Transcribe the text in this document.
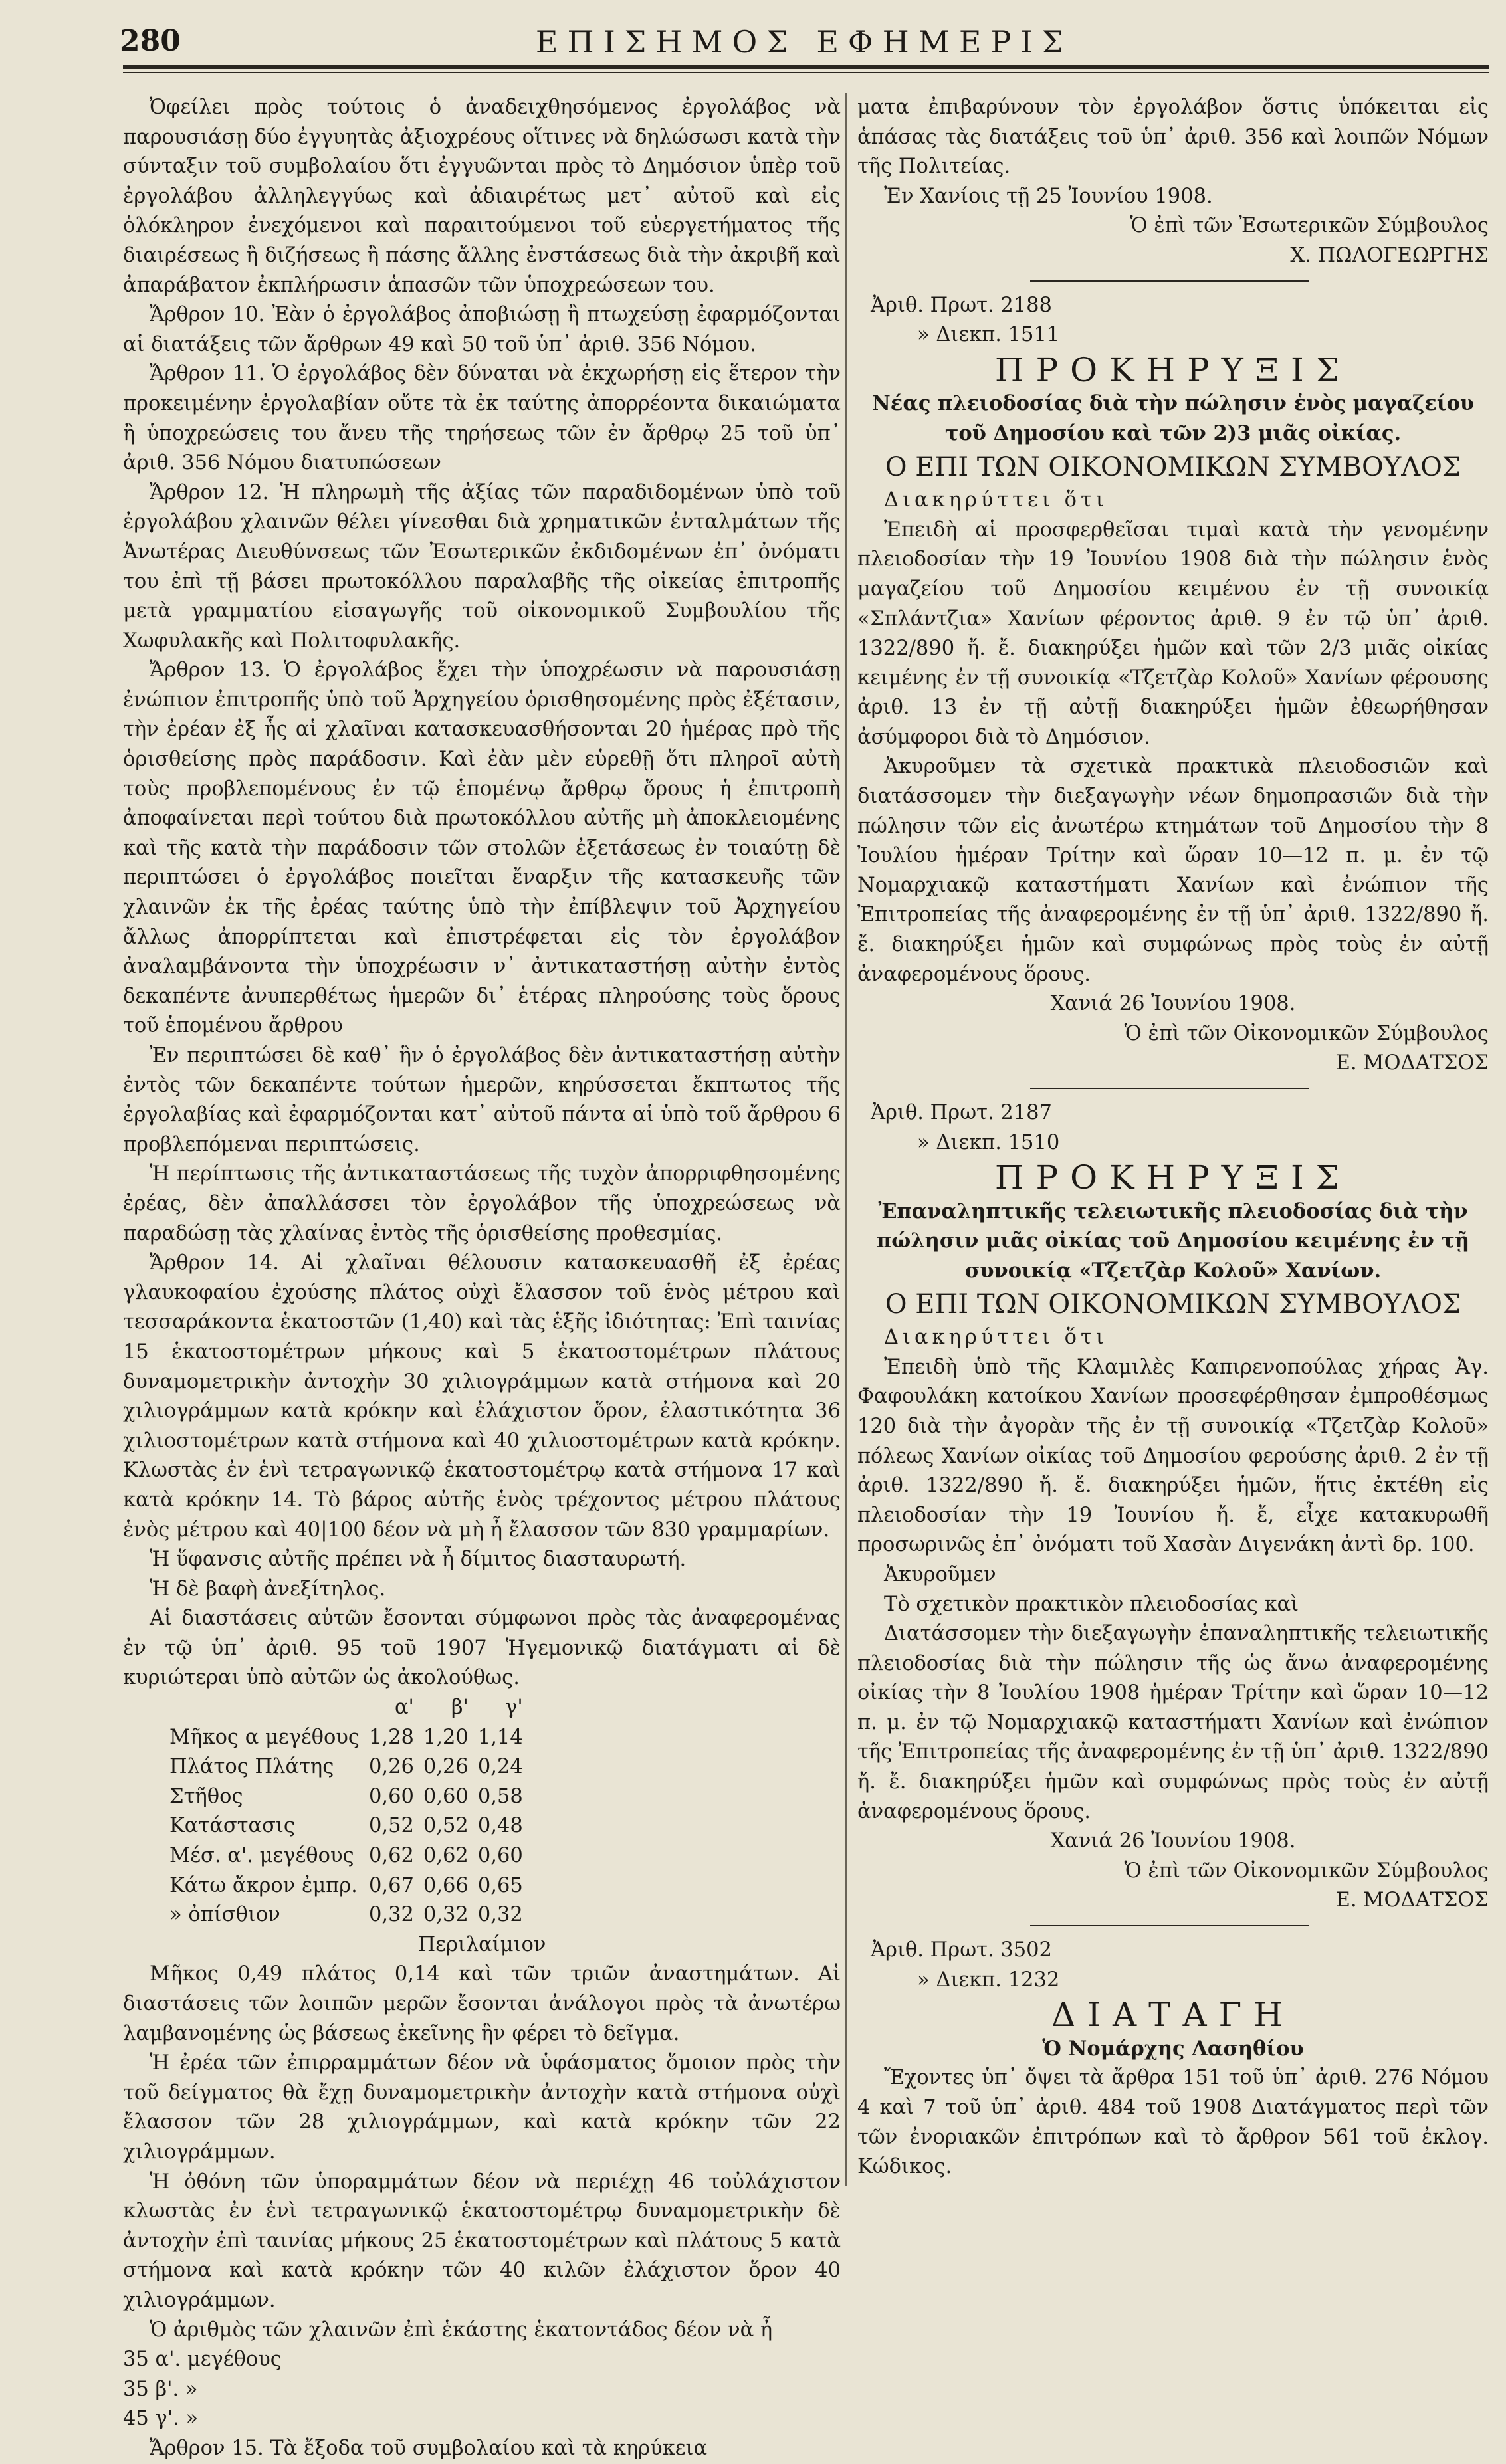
280	ΕΠΙΣΗΜΟΣ ΕΦΗΜΕΡΙΣ

Ὀφείλει πρὸς τούτοις ὁ ἀναδειχθησόμενος ἐργολάβος νὰ παρουσιάσῃ δύο ἐγγυητὰς ἀξιοχρέους οἵτινες νὰ δηλώσωσι κατὰ τὴν σύνταξιν τοῦ συμβολαίου ὅτι ἐγγυῶνται πρὸς τὸ Δημόσιον ὑπὲρ τοῦ ἐργολάβου ἀλληλεγγύως καὶ ἀδιαιρέτως μετ᾽ αὐτοῦ καὶ εἰς ὁλόκληρον ἐνεχόμενοι καὶ παραιτούμενοι τοῦ εὐεργετήματος τῆς διαιρέσεως ἢ διζήσεως ἢ πάσης ἄλλης ἐνστάσεως διὰ τὴν ἀκριβῆ καὶ ἀπαράβατον ἐκπλήρωσιν ἁπασῶν τῶν ὑποχρεώσεων του.

Ἄρθρον 10. Ἐὰν ὁ ἐργολάβος ἀποβιώσῃ ἢ πτωχεύσῃ ἐφαρμόζονται αἱ διατάξεις τῶν ἄρθρων 49 καὶ 50 τοῦ ὑπ᾽ ἀριθ. 356 Νόμου.

Ἄρθρον 11. Ὁ ἐργολάβος δὲν δύναται νὰ ἐκχωρήσῃ εἰς ἕτερον τὴν προκειμένην ἐργολαβίαν οὔτε τὰ ἐκ ταύτης ἀπορρέοντα δικαιώματα ἢ ὑποχρεώσεις του ἄνευ τῆς τηρήσεως τῶν ἐν ἄρθρῳ 25 τοῦ ὑπ᾽ ἀριθ. 356 Νόμου διατυπώσεων

Ἄρθρον 12. Ἡ πληρωμὴ τῆς ἀξίας τῶν παραδιδομένων ὑπὸ τοῦ ἐργολάβου χλαινῶν θέλει γίνεσθαι διὰ χρηματικῶν ἐνταλμάτων τῆς Ἀνωτέρας Διευθύνσεως τῶν Ἐσωτερικῶν ἐκδιδομένων ἐπ᾽ ὀνόματι του ἐπὶ τῇ βάσει πρωτοκόλλου παραλαβῆς τῆς οἰκείας ἐπιτροπῆς μετὰ γραμματίου εἰσαγωγῆς τοῦ οἰκονομικοῦ Συμβουλίου τῆς Χωφυλακῆς καὶ Πολιτοφυλακῆς.

Ἄρθρον 13. Ὁ ἐργολάβος ἔχει τὴν ὑποχρέωσιν νὰ παρουσιάσῃ ἐνώπιον ἐπιτροπῆς ὑπὸ τοῦ Ἀρχηγείου ὁρισθησομένης πρὸς ἐξέτασιν, τὴν ἐρέαν ἐξ ἧς αἱ χλαῖναι κατασκευασθήσονται 20 ἡμέρας πρὸ τῆς ὁρισθείσης πρὸς παράδοσιν. Καὶ ἐὰν μὲν εὑρεθῇ ὅτι πληροῖ αὐτὴ τοὺς προβλεπομένους ἐν τῷ ἑπομένῳ ἄρθρῳ ὅρους ἡ ἐπιτροπὴ ἀποφαίνεται περὶ τούτου διὰ πρωτοκόλλου αὐτῆς μὴ ἀποκλειομένης καὶ τῆς κατὰ τὴν παράδοσιν τῶν στολῶν ἐξετάσεως ἐν τοιαύτῃ δὲ περιπτώσει ὁ ἐργολάβος ποιεῖται ἔναρξιν τῆς κατασκευῆς τῶν χλαινῶν ἐκ τῆς ἐρέας ταύτης ὑπὸ τὴν ἐπίβλεψιν τοῦ Ἀρχηγείου ἄλλως ἀπορρίπτεται καὶ ἐπιστρέφεται εἰς τὸν ἐργολάβον ἀναλαμβάνοντα τὴν ὑποχρέωσιν ν᾽ ἀντικαταστήσῃ αὐτὴν ἐντὸς δεκαπέντε ἀνυπερθέτως ἡμερῶν δι᾽ ἑτέρας πληρούσης τοὺς ὅρους τοῦ ἑπομένου ἄρθρου

Ἐν περιπτώσει δὲ καθ᾽ ἣν ὁ ἐργολάβος δὲν ἀντικαταστήσῃ αὐτὴν ἐντὸς τῶν δεκαπέντε τούτων ἡμερῶν, κηρύσσεται ἔκπτωτος τῆς ἐργολαβίας καὶ ἐφαρμόζονται κατ᾽ αὐτοῦ πάντα αἱ ὑπὸ τοῦ ἄρθρου 6 προβλεπόμεναι περιπτώσεις.

Ἡ περίπτωσις τῆς ἀντικαταστάσεως τῆς τυχὸν ἀπορριφθησομένης ἐρέας, δὲν ἀπαλλάσσει τὸν ἐργολάβον τῆς ὑποχρεώσεως νὰ παραδώσῃ τὰς χλαίνας ἐντὸς τῆς ὁρισθείσης προθεσμίας.

Ἄρθρον 14. Αἱ χλαῖναι θέλουσιν κατασκευασθῆ ἐξ ἐρέας γλαυκοφαίου ἐχούσης πλάτος οὐχὶ ἔλασσον τοῦ ἑνὸς μέτρου καὶ τεσσαράκοντα ἑκατοστῶν (1,40) καὶ τὰς ἑξῆς ἰδιότητας: Ἐπὶ ταινίας 15 ἑκατοστομέτρων μήκους καὶ 5 ἑκατοστομέτρων πλάτους δυναμομετρικὴν ἀντοχὴν 30 χιλιογράμμων κατὰ στήμονα καὶ 20 χιλιογράμμων κατὰ κρόκην καὶ ἐλάχιστον ὅρον, ἐλαστικότητα 36 χιλιοστομέτρων κατὰ στήμονα καὶ 40 χιλιοστομέτρων κατὰ κρόκην. Κλωστὰς ἐν ἑνὶ τετραγωνικῷ ἑκατοστομέτρῳ κατὰ στήμονα 17 καὶ κατὰ κρόκην 14. Τὸ βάρος αὐτῆς ἑνὸς τρέχοντος μέτρου πλάτους ἑνὸς μέτρου καὶ 40|100 δέον νὰ μὴ ἦ ἔλασσον τῶν 830 γραμμαρίων.

Ἡ ὕφανσις αὐτῆς πρέπει νὰ ἦ δίμιτος διασταυρωτή.

Ἡ δὲ βαφὴ ἀνεξίτηλος.

Αἱ διαστάσεις αὐτῶν ἔσονται σύμφωνοι πρὸς τὰς ἀναφερομένας ἐν τῷ ὑπ᾽ ἀριθ. 95 τοῦ 1907 Ἡγεμονικῷ διατάγματι αἱ δὲ κυριώτεραι ὑπὸ αὐτῶν ὡς ἀκολούθως.

	α'	β'	γ'
Μῆκος α μεγέθους	1,28	1,20	1,14
Πλάτος Πλάτης	0,26	0,26	0,24
Στῆθος	0,60	0,60	0,58
Κατάστασις	0,52	0,52	0,48
Μέσ. α'. μεγέθους	0,62	0,62	0,60
Κάτω ἄκρον ἐμπρ.	0,67	0,66	0,65
» ὀπίσθιον	0,32	0,32	0,32

Περιλαίμιον

Μῆκος 0,49 πλάτος 0,14 καὶ τῶν τριῶν ἀναστημάτων. Αἱ διαστάσεις τῶν λοιπῶν μερῶν ἔσονται ἀνάλογοι πρὸς τὰ ἀνωτέρω λαμβανομένης ὡς βάσεως ἐκεῖνης ἣν φέρει τὸ δεῖγμα.

Ἡ ἐρέα τῶν ἐπιρραμμάτων δέον νὰ ὑφάσματος ὅμοιον πρὸς τὴν τοῦ δείγματος θὰ ἔχῃ δυναμομετρικὴν ἀντοχὴν κατὰ στήμονα οὐχὶ ἔλασσον τῶν 28 χιλιογράμμων, καὶ κατὰ κρόκην τῶν 22 χιλιογράμμων.

Ἡ ὀθόνη τῶν ὑποραμμάτων δέον νὰ περιέχῃ 46 τοὐλάχιστον κλωστὰς ἐν ἑνὶ τετραγωνικῷ ἑκατοστομέτρῳ δυναμομετρικὴν δὲ ἀντοχὴν ἐπὶ ταινίας μήκους 25 ἑκατοστομέτρων καὶ πλάτους 5 κατὰ στήμονα καὶ κατὰ κρόκην τῶν 40 κιλῶν ἐλάχιστον ὅρον 40 χιλιογράμμων.

Ὁ ἀριθμὸς τῶν χλαινῶν ἐπὶ ἑκάστης ἑκατοντάδος δέον νὰ ἦ

35 α'. μεγέθους

35 β'. »

45 γ'. »

Ἄρθρον 15. Τὰ ἔξοδα τοῦ συμβολαίου καὶ τὰ κηρύκεια

ματα ἐπιβαρύνουν τὸν ἐργολάβον ὅστις ὑπόκειται εἰς ἁπάσας τὰς διατάξεις τοῦ ὑπ᾽ ἀριθ. 356 καὶ λοιπῶν Νόμων τῆς Πολιτείας.

Ἐν Χανίοις τῇ 25 Ἰουνίου 1908.

Ὁ ἐπὶ τῶν Ἐσωτερικῶν Σύμβουλος

Χ. ΠΩΛΟΓΕΩΡΓΗΣ

Ἀριθ. Πρωτ. 2188

» Διεκπ. 1511

ΠΡΟΚΗΡΥΞΙΣ

Νέας πλειοδοσίας διὰ τὴν πώλησιν ἑνὸς μαγαζείου τοῦ Δημοσίου καὶ τῶν 2)3 μιᾶς οἰκίας.

Ο ΕΠΙ ΤΩΝ ΟΙΚΟΝΟΜΙΚΩΝ ΣΥΜΒΟΥΛΟΣ

Διακηρύττει ὅτι

Ἐπειδὴ αἱ προσφερθεῖσαι τιμαὶ κατὰ τὴν γενομένην πλειοδοσίαν τὴν 19 Ἰουνίου 1908 διὰ τὴν πώλησιν ἑνὸς μαγαζείου τοῦ Δημοσίου κειμένου ἐν τῇ συνοικίᾳ «Σπλάντζια» Χανίων φέροντος ἀριθ. 9 ἐν τῷ ὑπ᾽ ἀριθ. 1322/890 ἤ. ἔ. διακηρύξει ἡμῶν καὶ τῶν 2/3 μιᾶς οἰκίας κειμένης ἐν τῇ συνοικίᾳ «Τζετζὰρ Κολοῦ» Χανίων φέρουσης ἀριθ. 13 ἐν τῇ αὐτῇ διακηρύξει ἡμῶν ἐθεωρήθησαν ἀσύμφοροι διὰ τὸ Δημόσιον.

Ἀκυροῦμεν τὰ σχετικὰ πρακτικὰ πλειοδοσιῶν καὶ διατάσσομεν τὴν διεξαγωγὴν νέων δημοπρασιῶν διὰ τὴν πώλησιν τῶν εἰς ἀνωτέρω κτημάτων τοῦ Δημοσίου τὴν 8 Ἰουλίου ἡμέραν Τρίτην καὶ ὥραν 10—12 π. μ. ἐν τῷ Νομαρχιακῷ καταστήματι Χανίων καὶ ἐνώπιον τῆς Ἐπιτροπείας τῆς ἀναφερομένης ἐν τῇ ὑπ᾽ ἀριθ. 1322/890 ἤ. ἔ. διακηρύξει ἡμῶν καὶ συμφώνως πρὸς τοὺς ἐν αὐτῇ ἀναφερομένους ὅρους.

Χανιά 26 Ἰουνίου 1908.

Ὁ ἐπὶ τῶν Οἰκονομικῶν Σύμβουλος

Ε. ΜΟΔΑΤΣΟΣ

Ἀριθ. Πρωτ. 2187

» Διεκπ. 1510

ΠΡΟΚΗΡΥΞΙΣ

Ἐπαναληπτικῆς τελειωτικῆς πλειοδοσίας διὰ τὴν πώλησιν μιᾶς οἰκίας τοῦ Δημοσίου κειμένης ἐν τῇ συνοικίᾳ «Τζετζὰρ Κολοῦ» Χανίων.

Ο ΕΠΙ ΤΩΝ ΟΙΚΟΝΟΜΙΚΩΝ ΣΥΜΒΟΥΛΟΣ

Διακηρύττει ὅτι

Ἐπειδὴ ὑπὸ τῆς Κλαμιλὲς Καπιρενοπούλας χήρας Ἀγ. Φαφουλάκη κατοίκου Χανίων προσεφέρθησαν ἐμπροθέσμως 120 διὰ τὴν ἀγορὰν τῆς ἐν τῇ συνοικίᾳ «Τζετζὰρ Κολοῦ» πόλεως Χανίων οἰκίας τοῦ Δημοσίου φερούσης ἀριθ. 2 ἐν τῇ ἀριθ. 1322/890 ἤ. ἔ. διακηρύξει ἡμῶν, ἥτις ἐκτέθη εἰς πλειοδοσίαν τὴν 19 Ἰουνίου ἤ. ἔ, εἶχε κατακυρωθῆ προσωρινῶς ἐπ᾽ ὀνόματι τοῦ Χασὰν Διγενάκη ἀντὶ δρ. 100.

Ἀκυροῦμεν

Τὸ σχετικὸν πρακτικὸν πλειοδοσίας καὶ

Διατάσσομεν τὴν διεξαγωγὴν ἐπαναληπτικῆς τελειωτικῆς πλειοδοσίας διὰ τὴν πώλησιν τῆς ὡς ἄνω ἀναφερομένης οἰκίας τὴν 8 Ἰουλίου 1908 ἡμέραν Τρίτην καὶ ὥραν 10—12 π. μ. ἐν τῷ Νομαρχιακῷ καταστήματι Χανίων καὶ ἐνώπιον τῆς Ἐπιτροπείας τῆς ἀναφερομένης ἐν τῇ ὑπ᾽ ἀριθ. 1322/890 ἤ. ἔ. διακηρύξει ἡμῶν καὶ συμφώνως πρὸς τοὺς ἐν αὐτῇ ἀναφερομένους ὅρους.

Χανιά 26 Ἰουνίου 1908.

Ὁ ἐπὶ τῶν Οἰκονομικῶν Σύμβουλος

Ε. ΜΟΔΑΤΣΟΣ

Ἀριθ. Πρωτ. 3502

» Διεκπ. 1232

ΔΙΑΤΑΓΗ

Ὁ Νομάρχης Λασηθίου

Ἔχοντες ὑπ᾽ ὄψει τὰ ἄρθρα 151 τοῦ ὑπ᾽ ἀριθ. 276 Νόμου 4 καὶ 7 τοῦ ὑπ᾽ ἀριθ. 484 τοῦ 1908 Διατάγματος περὶ τῶν τῶν ἐνοριακῶν ἐπιτρόπων καὶ τὸ ἄρθρον 561 τοῦ ἐκλογ. Κώδικος.
